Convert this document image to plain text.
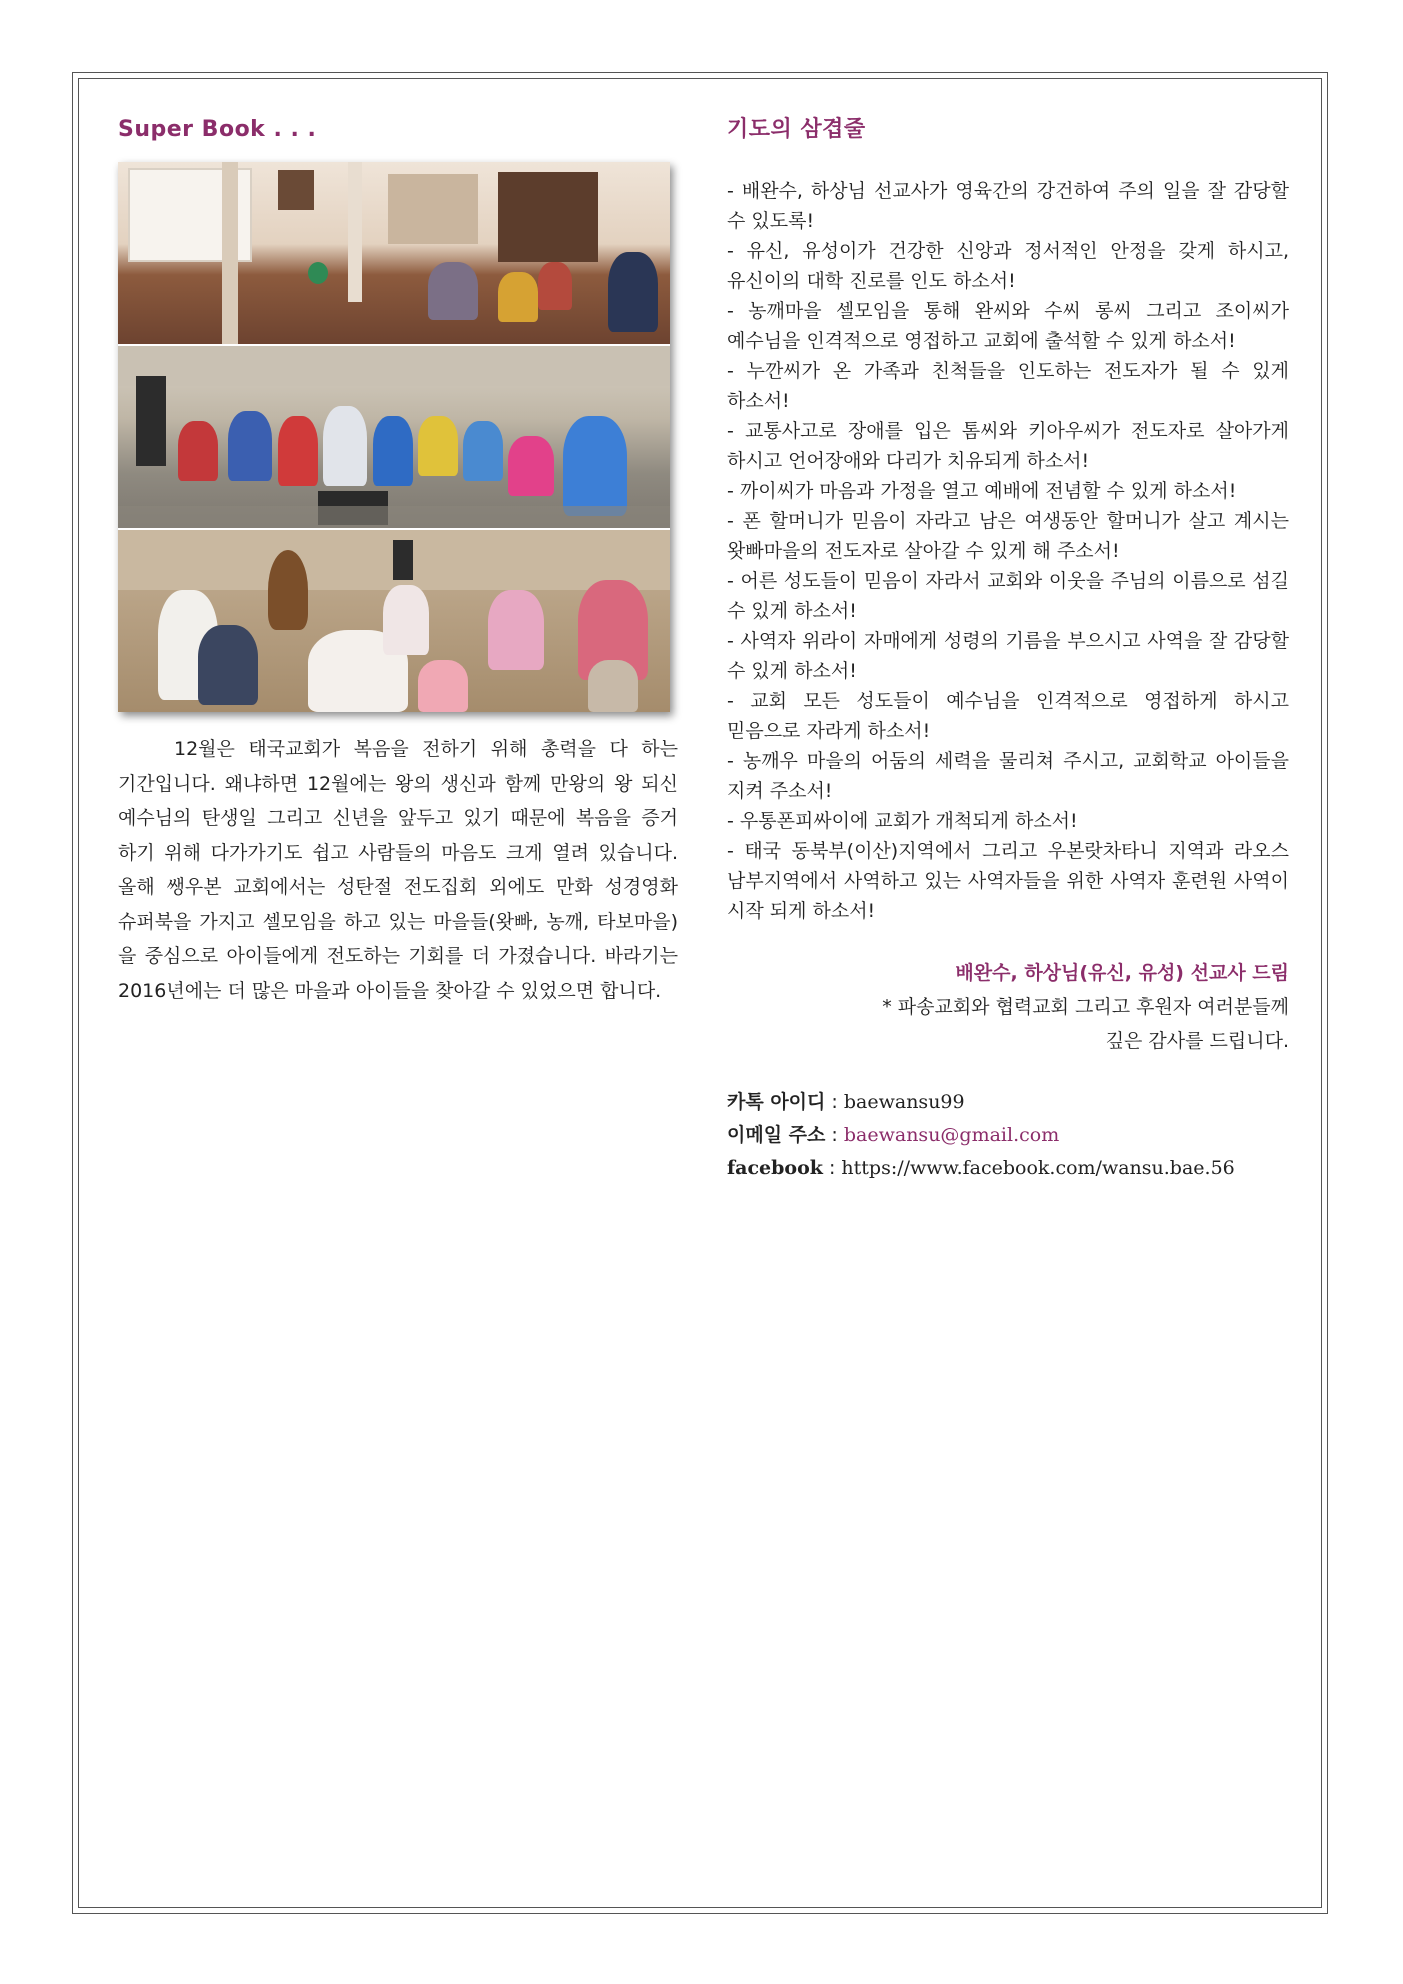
Super Book . . .

12월은 태국교회가 복음을 전하기 위해 총력을 다 하는 기간입니다. 왜냐하면 12월에는 왕의 생신과 함께 만왕의 왕 되신 예수님의 탄생일 그리고 신년을 앞두고 있기 때문에 복음을 증거 하기 위해 다가가기도 쉽고 사람들의 마음도 크게 열려 있습니다. 올해 쌩우본 교회에서는 성탄절 전도집회 외에도 만화 성경영화 슈퍼북을 가지고 셀모임을 하고 있는 마을들(왓빠, 농깨, 타보마을)을 중심으로 아이들에게 전도하는 기회를 더 가졌습니다. 바라기는 2016년에는 더 많은 마을과 아이들을 찾아갈 수 있었으면 합니다.

기도의 삼겹줄
- 배완수, 하상님 선교사가 영육간의 강건하여 주의 일을 잘 감당할 수 있도록!
- 유신, 유성이가 건강한 신앙과 정서적인 안정을 갖게 하시고, 유신이의 대학 진로를 인도 하소서!
- 농깨마을 셀모임을 통해 완씨와 수씨 롱씨 그리고 조이씨가 예수님을 인격적으로 영접하고 교회에 출석할 수 있게 하소서!
- 누깐씨가 온 가족과 친척들을 인도하는 전도자가 될 수 있게 하소서!
- 교통사고로 장애를 입은 톰씨와 키아우씨가 전도자로 살아가게 하시고 언어장애와 다리가 치유되게 하소서!
- 까이씨가 마음과 가정을 열고 예배에 전념할 수 있게 하소서!
- 폰 할머니가 믿음이 자라고 남은 여생동안 할머니가 살고 계시는 왓빠마을의 전도자로 살아갈 수 있게 해 주소서!
- 어른 성도들이 믿음이 자라서 교회와 이웃을 주님의 이름으로 섬길 수 있게 하소서!
- 사역자 위라이 자매에게 성령의 기름을 부으시고 사역을 잘 감당할 수 있게 하소서!
- 교회 모든 성도들이 예수님을 인격적으로 영접하게 하시고 믿음으로 자라게 하소서!
- 농깨우 마을의 어둠의 세력을 물리쳐 주시고, 교회학교 아이들을 지켜 주소서!
- 우통폰피싸이에 교회가 개척되게 하소서!
- 태국 동북부(이산)지역에서 그리고 우본랏차타니 지역과 라오스 남부지역에서 사역하고 있는 사역자들을 위한 사역자 훈련원 사역이 시작 되게 하소서!
배완수, 하상님(유신, 유성) 선교사 드림
* 파송교회와 협력교회 그리고 후원자 여러분들께
깊은 감사를 드립니다.
카톡 아이디 : baewansu99
이메일 주소 : baewansu@gmail.com
facebook : https://www.facebook.com/wansu.bae.56
